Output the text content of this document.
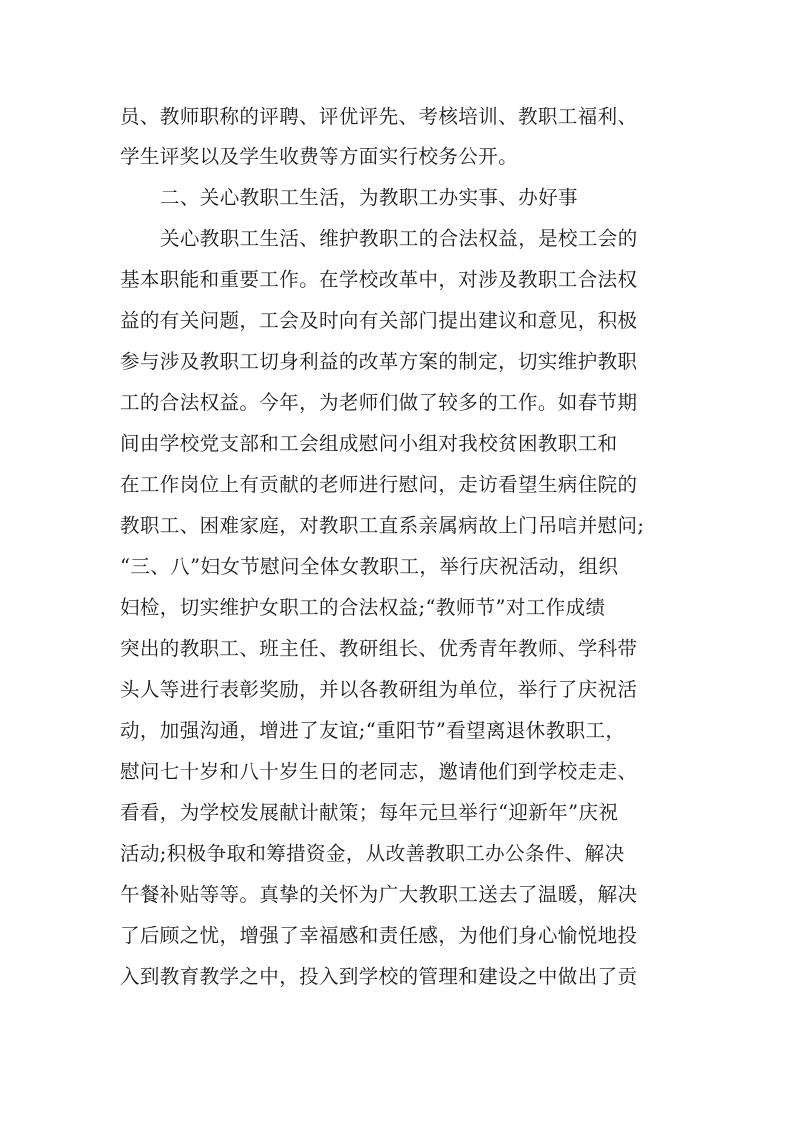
员、教师职称的评聘、评优评先、考核培训、教职工福利、
学生评奖以及学生收费等方面实行校务公开。
二、关心教职工生活，为教职工办实事、办好事
关心教职工生活、维护教职工的合法权益，是校工会的
基本职能和重要工作。在学校改革中，对涉及教职工合法权
益的有关问题，工会及时向有关部门提出建议和意见，积极
参与涉及教职工切身利益的改革方案的制定，切实维护教职
工的合法权益。今年，为老师们做了较多的工作。如春节期
间由学校党支部和工会组成慰问小组对我校贫困教职工和
在工作岗位上有贡献的老师进行慰问，走访看望生病住院的
教职工、困难家庭，对教职工直系亲属病故上门吊唁并慰问;
“三、八”妇女节慰问全体女教职工，举行庆祝活动，组织
妇检，切实维护女职工的合法权益;“教师节”对工作成绩
突出的教职工、班主任、教研组长、优秀青年教师、学科带
头人等进行表彰奖励，并以各教研组为单位，举行了庆祝活
动，加强沟通，增进了友谊;“重阳节”看望离退休教职工，
慰问七十岁和八十岁生日的老同志，邀请他们到学校走走、
看看，为学校发展献计献策；每年元旦举行“迎新年”庆祝
活动;积极争取和筹措资金，从改善教职工办公条件、解决
午餐补贴等等。真挚的关怀为广大教职工送去了温暖，解决
了后顾之忧，增强了幸福感和责任感，为他们身心愉悦地投
入到教育教学之中，投入到学校的管理和建设之中做出了贡
